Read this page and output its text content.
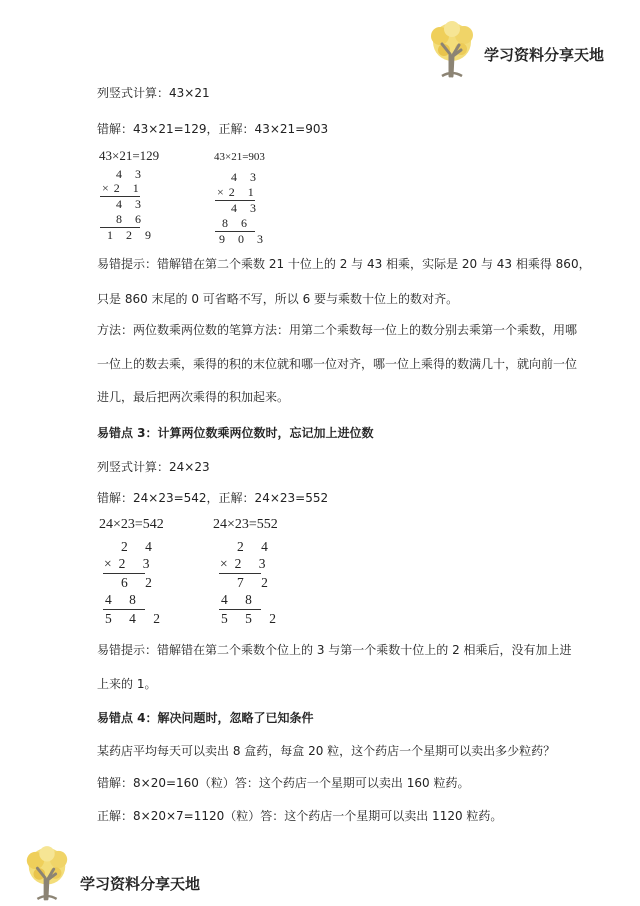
学习资料分享天地
列竖式计算：43×21
错解：43×21=129，正解：43×21=903
43×21=129
4 3
×2 1
4 3
8 6
1 2 9
43×21=903
4 3
×2 1
4 3
8 6
9 0 3
易错提示：错解错在第二个乘数 21 十位上的 2 与 43 相乘，实际是 20 与 43 相乘得 860，
只是 860 末尾的 0 可省略不写，所以 6 要与乘数十位上的数对齐。
方法：两位数乘两位数的笔算方法：用第二个乘数每一位上的数分别去乘第一个乘数，用哪
一位上的数去乘，乘得的积的末位就和哪一位对齐，哪一位上乘得的数满几十，就向前一位
进几，最后把两次乘得的积加起来。
易错点 3：计算两位数乘两位数时，忘记加上进位数
列竖式计算：24×23
错解：24×23=542，正解：24×23=552
24×23=542
2 4
×2 3
6 2
4 8
5 4 2
24×23=552
2 4
×2 3
7 2
4 8
5 5 2
易错提示：错解错在第二个乘数个位上的 3 与第一个乘数十位上的 2 相乘后，没有加上进
上来的 1。
易错点 4：解决问题时，忽略了已知条件
某药店平均每天可以卖出 8 盒药，每盒 20 粒，这个药店一个星期可以卖出多少粒药？
错解：8×20=160（粒）答：这个药店一个星期可以卖出 160 粒药。
正解：8×20×7=1120（粒）答：这个药店一个星期可以卖出 1120 粒药。
学习资料分享天地
